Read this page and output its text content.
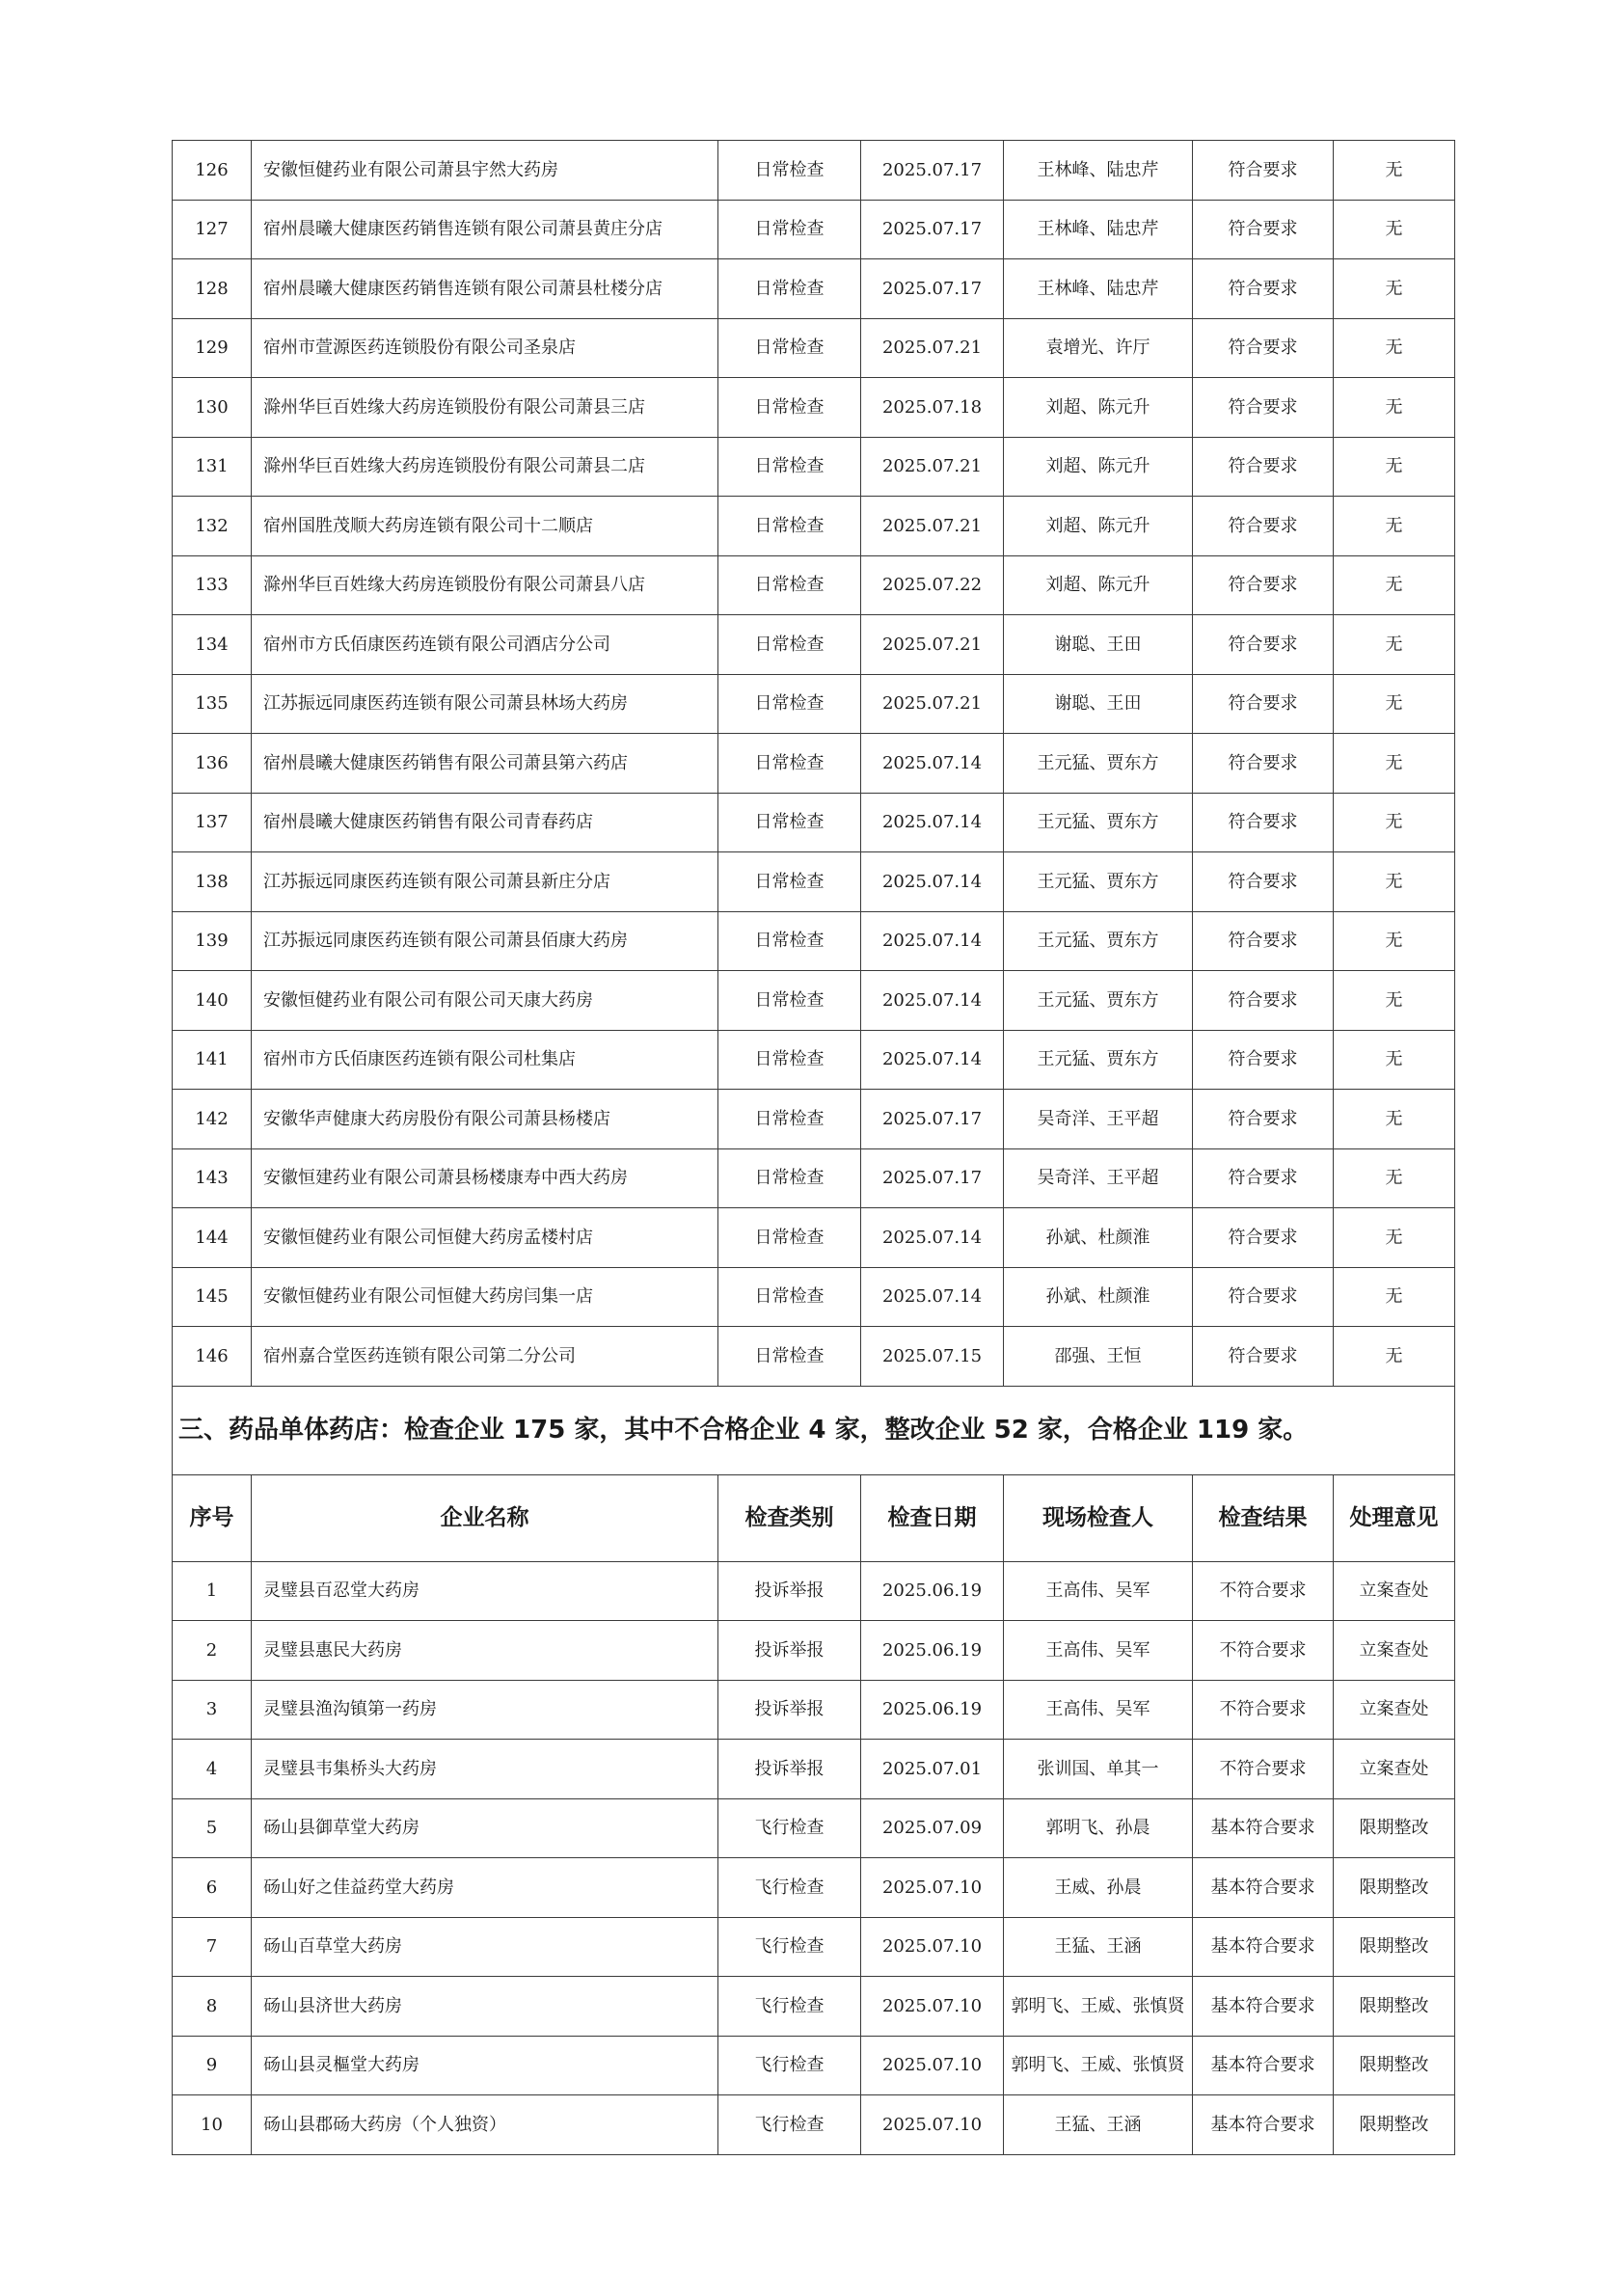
126	安徽恒健药业有限公司萧县宇然大药房	日常检查	2025.07.17	王林峰、陆忠芹	符合要求	无
127	宿州晨曦大健康医药销售连锁有限公司萧县黄庄分店	日常检查	2025.07.17	王林峰、陆忠芹	符合要求	无
128	宿州晨曦大健康医药销售连锁有限公司萧县杜楼分店	日常检查	2025.07.17	王林峰、陆忠芹	符合要求	无
129	宿州市萱源医药连锁股份有限公司圣泉店	日常检查	2025.07.21	袁增光、许厅	符合要求	无
130	滁州华巨百姓缘大药房连锁股份有限公司萧县三店	日常检查	2025.07.18	刘超、陈元升	符合要求	无
131	滁州华巨百姓缘大药房连锁股份有限公司萧县二店	日常检查	2025.07.21	刘超、陈元升	符合要求	无
132	宿州国胜茂顺大药房连锁有限公司十二顺店	日常检查	2025.07.21	刘超、陈元升	符合要求	无
133	滁州华巨百姓缘大药房连锁股份有限公司萧县八店	日常检查	2025.07.22	刘超、陈元升	符合要求	无
134	宿州市方氏佰康医药连锁有限公司酒店分公司	日常检查	2025.07.21	谢聪、王田	符合要求	无
135	江苏振远同康医药连锁有限公司萧县林场大药房	日常检查	2025.07.21	谢聪、王田	符合要求	无
136	宿州晨曦大健康医药销售有限公司萧县第六药店	日常检查	2025.07.14	王元猛、贾东方	符合要求	无
137	宿州晨曦大健康医药销售有限公司青春药店	日常检查	2025.07.14	王元猛、贾东方	符合要求	无
138	江苏振远同康医药连锁有限公司萧县新庄分店	日常检查	2025.07.14	王元猛、贾东方	符合要求	无
139	江苏振远同康医药连锁有限公司萧县佰康大药房	日常检查	2025.07.14	王元猛、贾东方	符合要求	无
140	安徽恒健药业有限公司有限公司天康大药房	日常检查	2025.07.14	王元猛、贾东方	符合要求	无
141	宿州市方氏佰康医药连锁有限公司杜集店	日常检查	2025.07.14	王元猛、贾东方	符合要求	无
142	安徽华声健康大药房股份有限公司萧县杨楼店	日常检查	2025.07.17	吴奇洋、王平超	符合要求	无
143	安徽恒建药业有限公司萧县杨楼康寿中西大药房	日常检查	2025.07.17	吴奇洋、王平超	符合要求	无
144	安徽恒健药业有限公司恒健大药房孟楼村店	日常检查	2025.07.14	孙斌、杜颜淮	符合要求	无
145	安徽恒健药业有限公司恒健大药房闫集一店	日常检查	2025.07.14	孙斌、杜颜淮	符合要求	无
146	宿州嘉合堂医药连锁有限公司第二分公司	日常检查	2025.07.15	邵强、王恒	符合要求	无
三、药品单体药店：检查企业 175 家，其中不合格企业 4 家，整改企业 52 家，合格企业 119 家。						
序号	企业名称	检查类别	检查日期	现场检查人	检查结果	处理意见
1	灵璧县百忍堂大药房	投诉举报	2025.06.19	王高伟、吴军	不符合要求	立案查处
2	灵璧县惠民大药房	投诉举报	2025.06.19	王高伟、吴军	不符合要求	立案查处
3	灵璧县渔沟镇第一药房	投诉举报	2025.06.19	王高伟、吴军	不符合要求	立案查处
4	灵璧县韦集桥头大药房	投诉举报	2025.07.01	张训国、单其一	不符合要求	立案查处
5	砀山县御草堂大药房	飞行检查	2025.07.09	郭明飞、孙晨	基本符合要求	限期整改
6	砀山好之佳益药堂大药房	飞行检查	2025.07.10	王威、孙晨	基本符合要求	限期整改
7	砀山百草堂大药房	飞行检查	2025.07.10	王猛、王涵	基本符合要求	限期整改
8	砀山县济世大药房	飞行检查	2025.07.10	郭明飞、王威、张慎贤	基本符合要求	限期整改
9	砀山县灵樞堂大药房	飞行检查	2025.07.10	郭明飞、王威、张慎贤	基本符合要求	限期整改
10	砀山县郡砀大药房（个人独资）	飞行检查	2025.07.10	王猛、王涵	基本符合要求	限期整改
